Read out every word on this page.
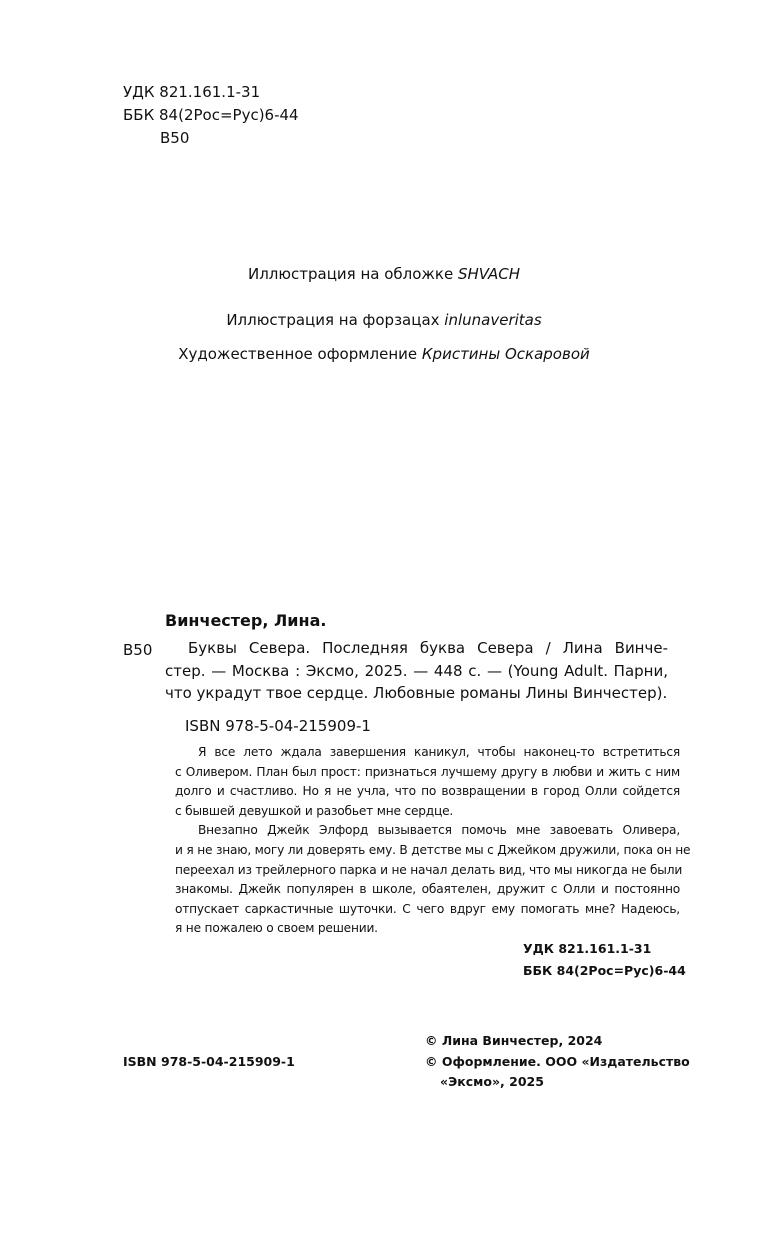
УДК 821.161.1-31
ББК 84(2Рос=Рус)6-44
В50
Иллюстрация на обложке SHVACH
Иллюстрация на форзацах inlunaveritas
Художественное оформление Кристины Оскаровой
Винчестер, Лина.
В50	Буквы Севера. Последняя буква Севера / Лина Винче-
стер. — Москва : Эксмо, 2025. — 448 с. — (Young Adult. Парни,
что украдут твое сердце. Любовные романы Лины Винчестер).
ISBN 978-5-04-215909-1
Я все лето ждала завершения каникул, чтобы наконец-то встретиться
с Оливером. План был прост: признаться лучшему другу в любви и жить с ним
долго и счастливо. Но я не учла, что по возвращении в город Олли сойдется
с бывшей девушкой и разобьет мне сердце.
Внезапно Джейк Элфорд вызывается помочь мне завоевать Оливера,
и я не знаю, могу ли доверять ему. В детстве мы с Джейком дружили, пока он не
переехал из трейлерного парка и не начал делать вид, что мы никогда не были
знакомы. Джейк популярен в школе, обаятелен, дружит с Олли и постоянно
отпускает саркастичные шуточки. С чего вдруг ему помогать мне? Надеюсь,
я не пожалею о своем решении.
УДК 821.161.1-31
ББК 84(2Рос=Рус)6-44
© Лина Винчестер, 2024
© Оформление. ООО «Издательство
«Эксмо», 2025
ISBN 978-5-04-215909-1
